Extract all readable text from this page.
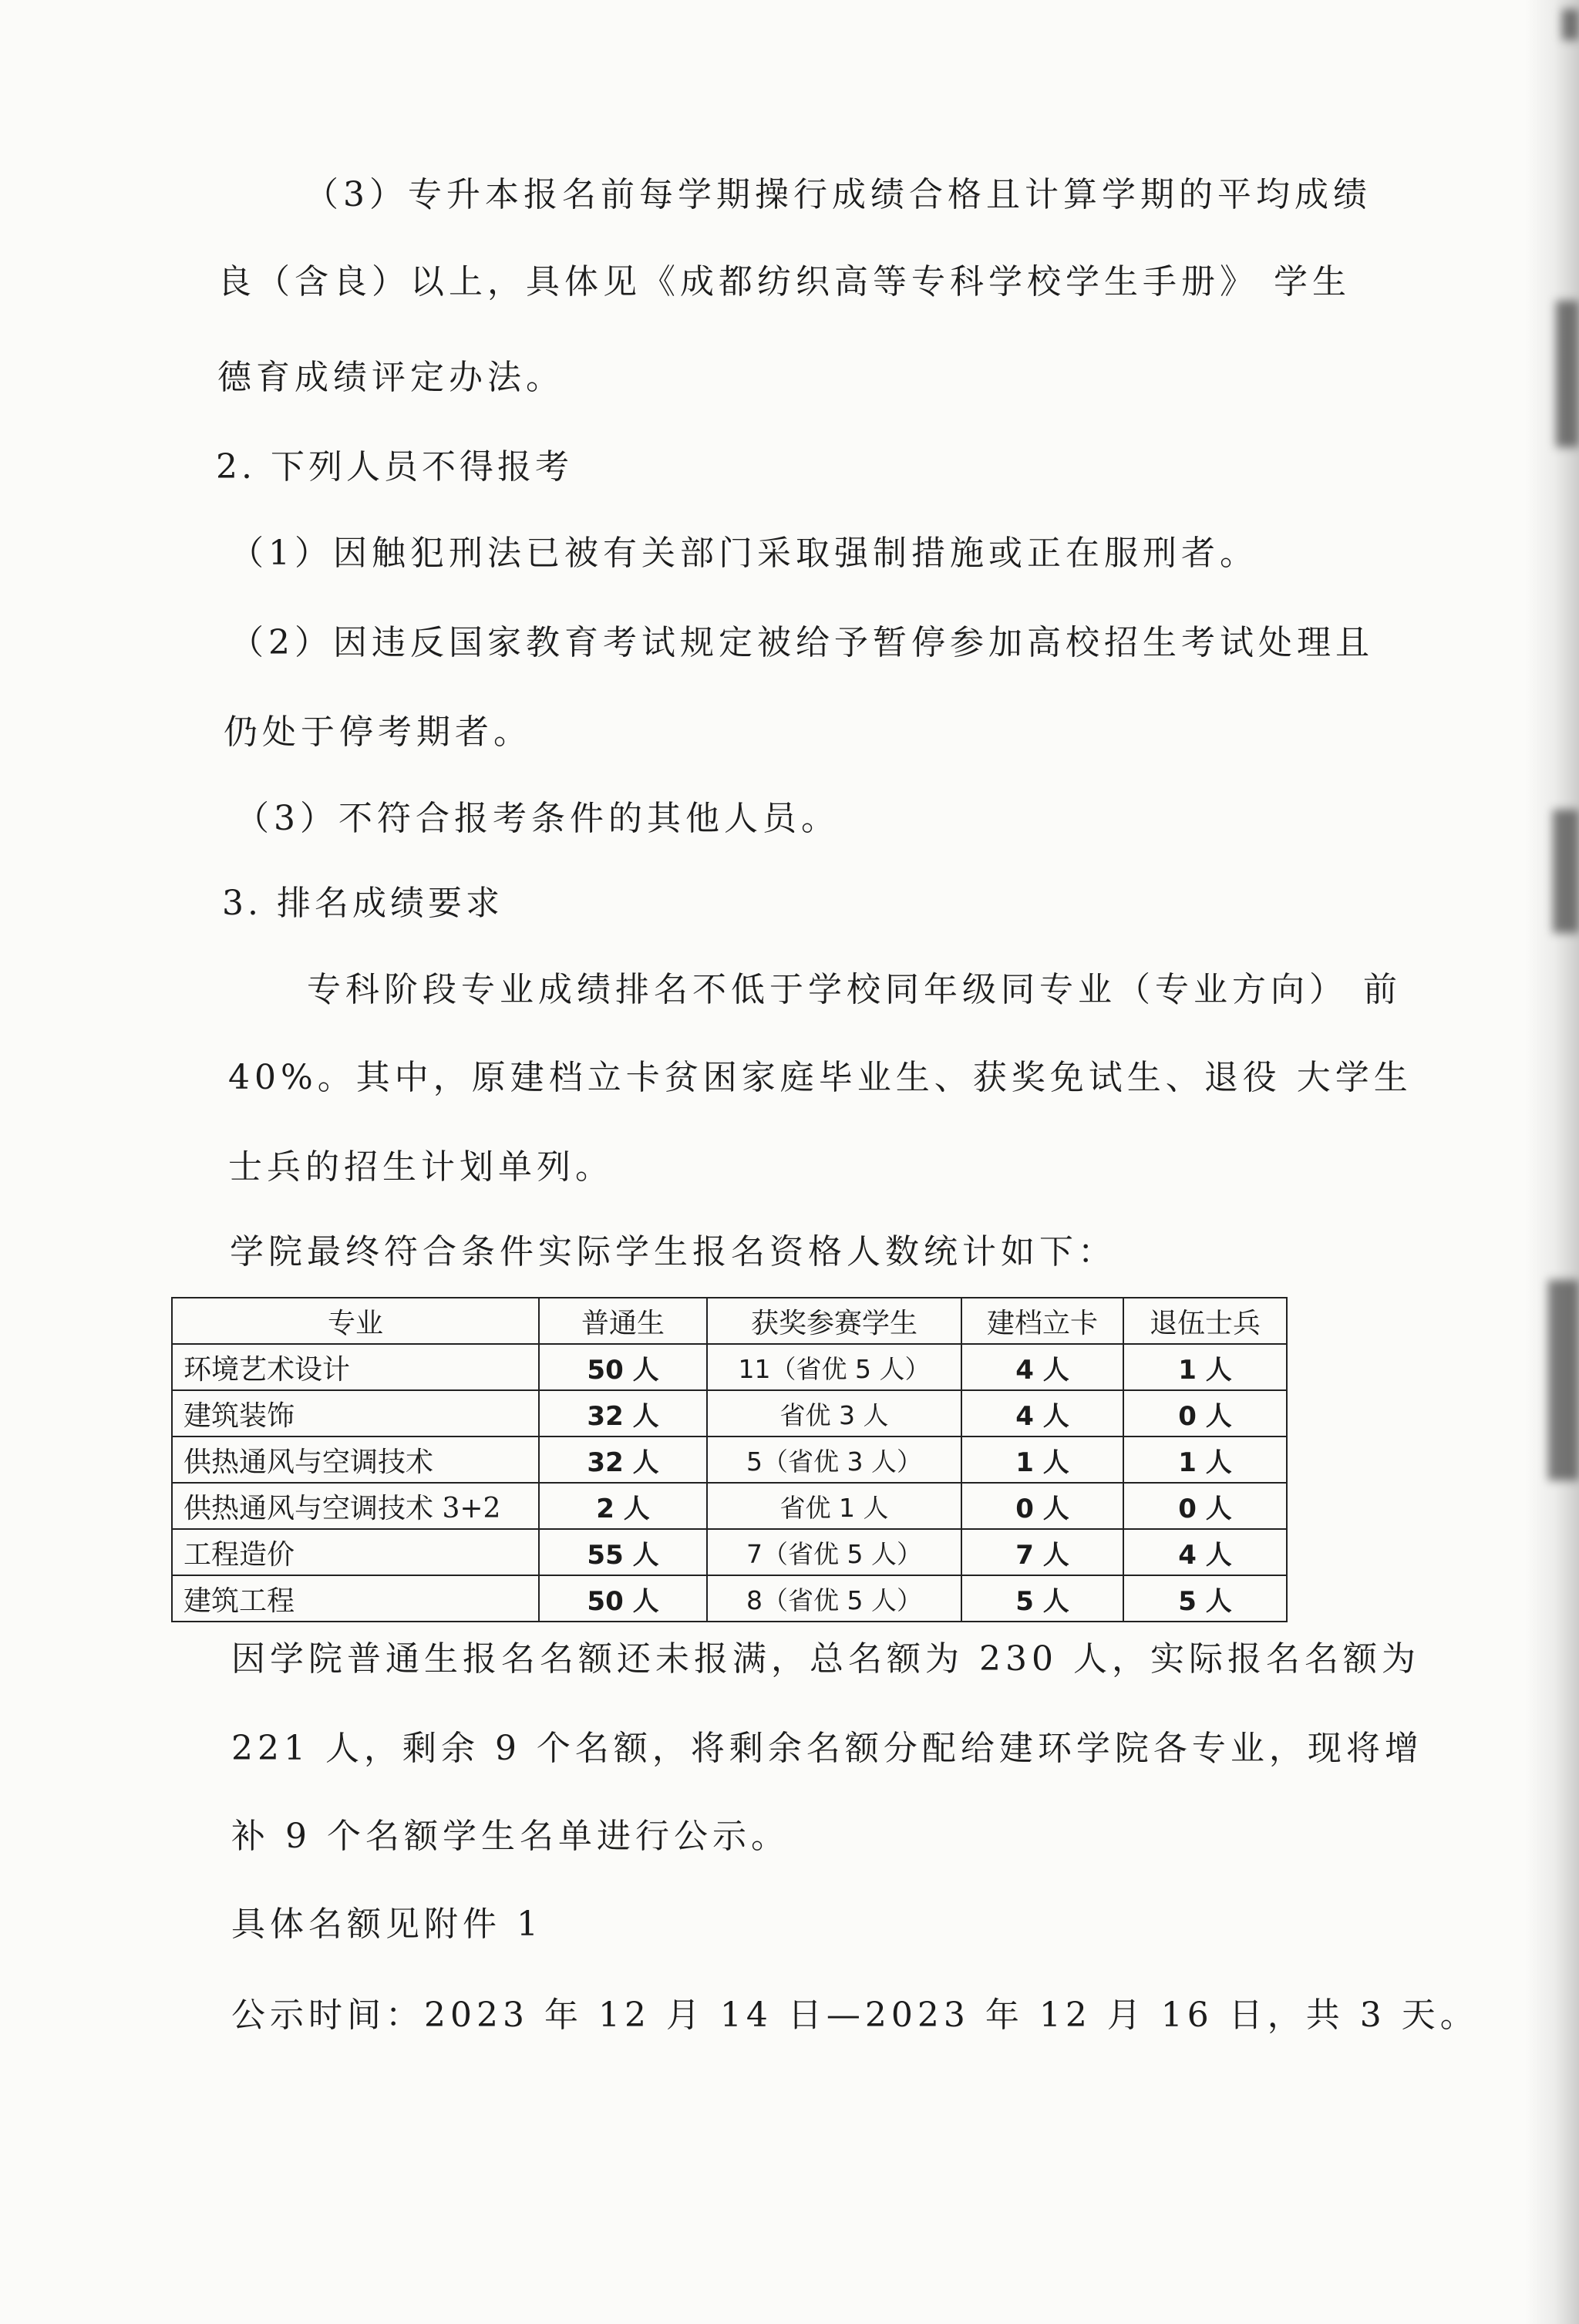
（3）专升本报名前每学期操行成绩合格且计算学期的平均成绩
良（含良）以上，具体见《成都纺织高等专科学校学生手册》 学生
德育成绩评定办法。
2. 下列人员不得报考
（1）因触犯刑法已被有关部门采取强制措施或正在服刑者。
（2）因违反国家教育考试规定被给予暂停参加高校招生考试处理且
仍处于停考期者。
（3）不符合报考条件的其他人员。
3. 排名成绩要求
专科阶段专业成绩排名不低于学校同年级同专业（专业方向） 前
40%。其中，原建档立卡贫困家庭毕业生、获奖免试生、退役 大学生
士兵的招生计划单列。
学院最终符合条件实际学生报名资格人数统计如下：
专业	普通生	获奖参赛学生	建档立卡	退伍士兵
环境艺术设计	50 人	11（省优 5 人）	4 人	1 人
建筑装饰	32 人	省优 3 人	4 人	0 人
供热通风与空调技术	32 人	5（省优 3 人）	1 人	1 人
供热通风与空调技术 3+2	2 人	省优 1 人	0 人	0 人
工程造价	55 人	7（省优 5 人）	7 人	4 人
建筑工程	50 人	8（省优 5 人）	5 人	5 人
因学院普通生报名名额还未报满，总名额为 230 人，实际报名名额为
221 人，剩余 9 个名额，将剩余名额分配给建环学院各专业，现将增
补 9 个名额学生名单进行公示。
具体名额见附件 1
公示时间：2023 年 12 月 14 日—2023 年 12 月 16 日，共 3 天。
